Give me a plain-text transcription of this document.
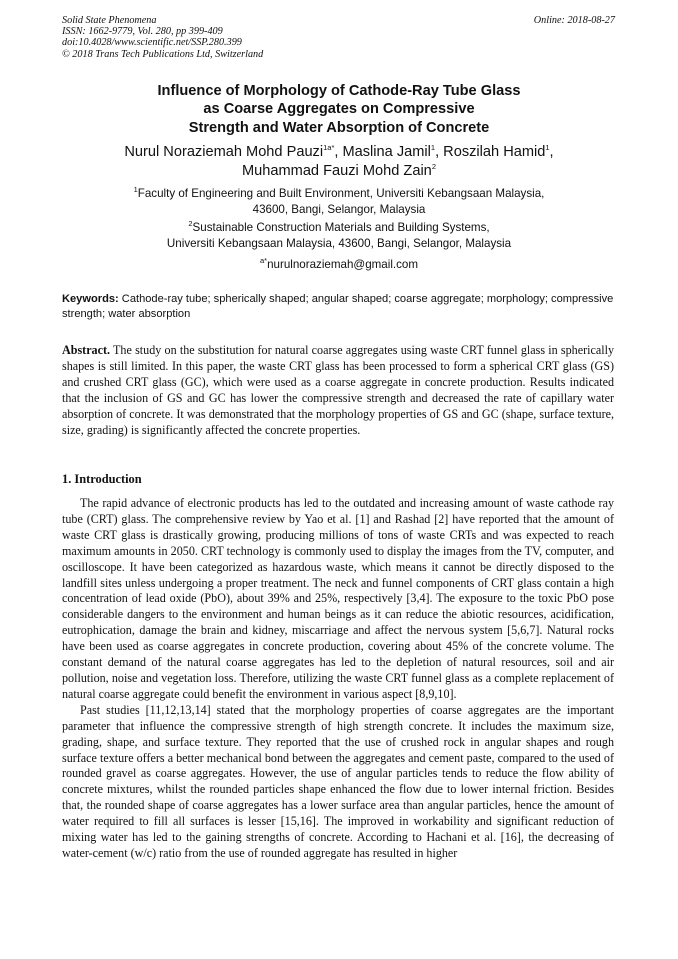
Solid State Phenomena
ISSN: 1662-9779, Vol. 280, pp 399-409
doi:10.4028/www.scientific.net/SSP.280.399
© 2018 Trans Tech Publications Ltd, Switzerland
Online: 2018-08-27
Influence of Morphology of Cathode-Ray Tube Glass
as Coarse Aggregates on Compressive
Strength and Water Absorption of Concrete
Nurul Noraziemah Mohd Pauzi$^{1a*}$, Maslina Jamil$^1$, Roszilah Hamid$^1$,
Muhammad Fauzi Mohd Zain$^2$
$^1$Faculty of Engineering and Built Environment, Universiti Kebangsaan Malaysia,
43600, Bangi, Selangor, Malaysia
$^2$Sustainable Construction Materials and Building Systems,
Universiti Kebangsaan Malaysia, 43600, Bangi, Selangor, Malaysia
$^{a*}$nurulnoraziemah@gmail.com
Keywords: Cathode-ray tube; spherically shaped; angular shaped; coarse aggregate; morphology; compressive strength; water absorption
Abstract. The study on the substitution for natural coarse aggregates using waste CRT funnel glass in spherically shapes is still limited. In this paper, the waste CRT glass has been processed to form a spherical CRT glass (GS) and crushed CRT glass (GC), which were used as a coarse aggregate in concrete production. Results indicated that the inclusion of GS and GC has lower the compressive strength and decreased the rate of capillary water absorption of concrete. It was demonstrated that the morphology properties of GS and GC (shape, surface texture, size, grading) is significantly affected the concrete properties.
1. Introduction

The rapid advance of electronic products has led to the outdated and increasing amount of waste cathode ray tube (CRT) glass. The comprehensive review by Yao et al. [1] and Rashad [2] have reported that the amount of waste CRT glass is drastically growing, producing millions of tons of waste CRTs and was expected to reach maximum amounts in 2050. CRT technology is commonly used to display the images from the TV, computer, and oscilloscope. It have been categorized as hazardous waste, which means it cannot be directly disposed to the landfill sites unless undergoing a proper treatment. The neck and funnel components of CRT glass contain a high concentration of lead oxide (PbO), about 39% and 25%, respectively [3,4]. The exposure to the toxic PbO pose considerable dangers to the environment and human beings as it can reduce the abiotic resources, acidification, eutrophication, damage the brain and kidney, miscarriage and affect the nervous system [5,6,7]. Natural rocks have been used as coarse aggregates in concrete production, covering about 45% of the concrete volume. The constant demand of the natural coarse aggregates has led to the depletion of natural resources, soil and air pollution, noise and vegetation loss. Therefore, utilizing the waste CRT funnel glass as a complete replacement of natural coarse aggregate could benefit the environment in various aspect [8,9,10].

Past studies [11,12,13,14] stated that the morphology properties of coarse aggregates are the important parameter that influence the compressive strength of high strength concrete. It includes the maximum size, grading, shape, and surface texture. They reported that the use of crushed rock in angular shapes and rough surface texture offers a better mechanical bond between the aggregates and cement paste, compared to the used of rounded gravel as coarse aggregates. However, the use of angular particles tends to reduce the flow ability of concrete mixtures, whilst the rounded particles shape enhanced the flow due to lower internal friction. Besides that, the rounded shape of coarse aggregates has a lower surface area than angular particles, hence the amount of water required to fill all surfaces is lesser [15,16]. The improved in workability and significant reduction of mixing water has led to the gaining strengths of concrete. According to Hachani et al. [16], the decreasing of water-cement (w/c) ratio from the use of rounded aggregate has resulted in higher
